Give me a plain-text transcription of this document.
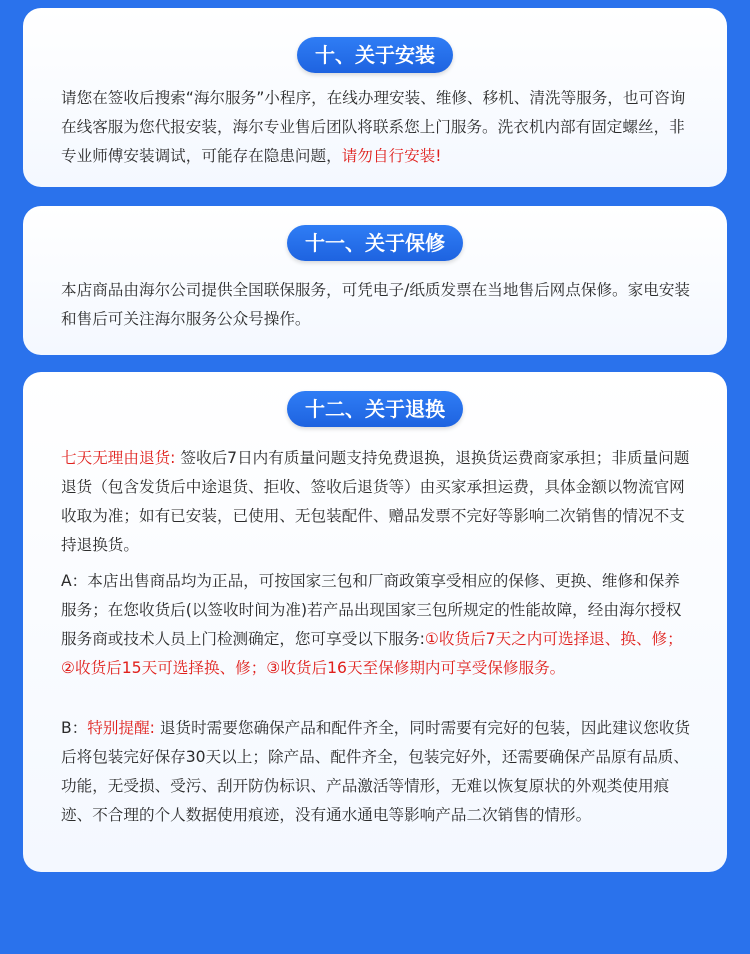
十、关于安装
请您在签收后搜索“海尔服务”小程序，在线办理安装、维修、移机、清洗等服务，也可咨询在线客服为您代报安装，海尔专业售后团队将联系您上门服务。洗衣机内部有固定螺丝，非专业师傅安装调试，可能存在隐患问题，请勿自行安装!
十一、关于保修
本店商品由海尔公司提供全国联保服务，可凭电子/纸质发票在当地售后网点保修。家电安装和售后可关注海尔服务公众号操作。
十二、关于退换
七天无理由退货: 签收后7日内有质量问题支持免费退换，退换货运费商家承担；非质量问题退货（包含发货后中途退货、拒收、签收后退货等）由买家承担运费，具体金额以物流官网收取为准；如有已安装，已使用、无包装配件、赠品发票不完好等影响二次销售的情况不支持退换货。
A：本店出售商品均为正品，可按国家三包和厂商政策享受相应的保修、更换、维修和保养服务；在您收货后(以签收时间为准)若产品出现国家三包所规定的性能故障，经由海尔授权服务商或技术人员上门检测确定，您可享受以下服务:①收货后7天之内可选择退、换、修；②收货后15天可选择换、修；③收货后16天至保修期内可享受保修服务。
B：特别提醒: 退货时需要您确保产品和配件齐全，同时需要有完好的包装，因此建议您收货后将包装完好保存30天以上；除产品、配件齐全，包装完好外，还需要确保产品原有品质、功能，无受损、受污、刮开防伪标识、产品激活等情形，无难以恢复原状的外观类使用痕迹、不合理的个人数据使用痕迹，没有通水通电等影响产品二次销售的情形。
